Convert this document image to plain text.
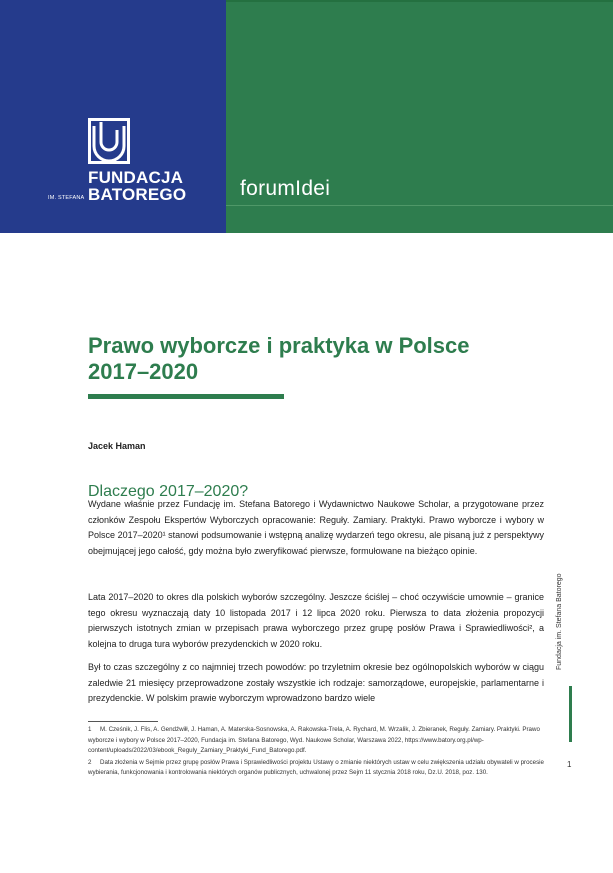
FUNDACJA
IM. STEFANA BATOREGO	forumIdei
Prawo wyborcze i praktyka w Polsce 2017–2020
Jacek Haman
Dlaczego 2017–2020?

Wydane właśnie przez Fundację im. Stefana Batorego i Wydawnictwo Naukowe Scholar, a przygotowane przez członków Zespołu Ekspertów Wyborczych opracowanie: Reguły. Zamiary. Praktyki. Prawo wyborcze i wybory w Polsce 2017–2020¹ stanowi podsumowanie i wstępną analizę wydarzeń tego okresu, ale pisaną już z perspektywy obejmującej jego całość, gdy można było zweryfikować pierwsze, formułowane na bieżąco opinie.

Lata 2017–2020 to okres dla polskich wyborów szczególny. Jeszcze ściślej – choć oczywiście umownie – granice tego okresu wyznaczają daty 10 listopada 2017 i 12 lipca 2020 roku. Pierwsza to data złożenia propozycji pierwszych istotnych zmian w przepisach prawa wyborczego przez grupę posłów Prawa i Sprawiedliwości², a kolejna to druga tura wyborów prezydenckich w 2020 roku.

Był to czas szczególny z co najmniej trzech powodów: po trzyletnim okresie bez ogólnopolskich wyborów w ciągu zaledwie 21 miesięcy przeprowadzone zostały wszystkie ich rodzaje: samorządowe, europejskie, parlamentarne i prezydenckie. W polskim prawie wyborczym wprowadzono bardzo wiele

1 M. Cześnik, J. Flis, A. Gendźwiłł, J. Haman, A. Materska-Sosnowska, A. Rakowska-Trela, A. Rychard, M. Wrzalik, J. Zbieranek, Reguły. Zamiary. Praktyki. Prawo wyborcze i wybory w Polsce 2017–2020, Fundacja im. Stefana Batorego, Wyd. Naukowe Scholar, Warszawa 2022, https://www.batory.org.pl/wp-content/uploads/2022/03/ebook_Reguly_Zamiary_Praktyki_Fund_Batorego.pdf.

2 Data złożenia w Sejmie przez grupę posłów Prawa i Sprawiedliwości projektu Ustawy o zmianie niektórych ustaw w celu zwiększenia udziału obywateli w procesie wybierania, funkcjonowania i kontrolowania niektórych organów publicznych, uchwalonej przez Sejm 11 stycznia 2018 roku, Dz.U. 2018, poz. 130.

Fundacja im. Stefana Batorego
1
